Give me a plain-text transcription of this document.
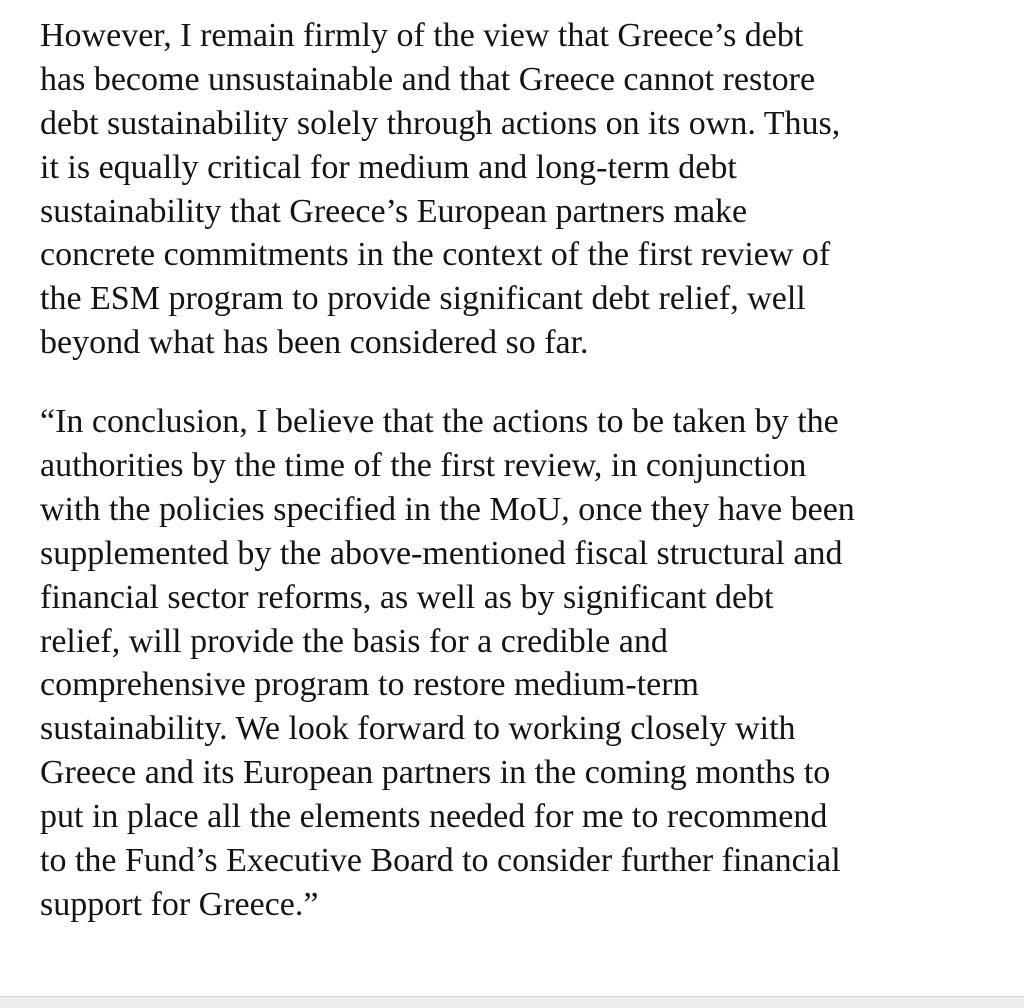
However, I remain firmly of the view that Greece’s debt
has become unsustainable and that Greece cannot restore
debt sustainability solely through actions on its own. Thus,
it is equally critical for medium and long-term debt
sustainability that Greece’s European partners make
concrete commitments in the context of the first review of
the ESM program to provide significant debt relief, well
beyond what has been considered so far.
“In conclusion, I believe that the actions to be taken by the
authorities by the time of the first review, in conjunction
with the policies specified in the MoU, once they have been
supplemented by the above-mentioned fiscal structural and
financial sector reforms, as well as by significant debt
relief, will provide the basis for a credible and
comprehensive program to restore medium-term
sustainability. We look forward to working closely with
Greece and its European partners in the coming months to
put in place all the elements needed for me to recommend
to the Fund’s Executive Board to consider further financial
support for Greece.”
